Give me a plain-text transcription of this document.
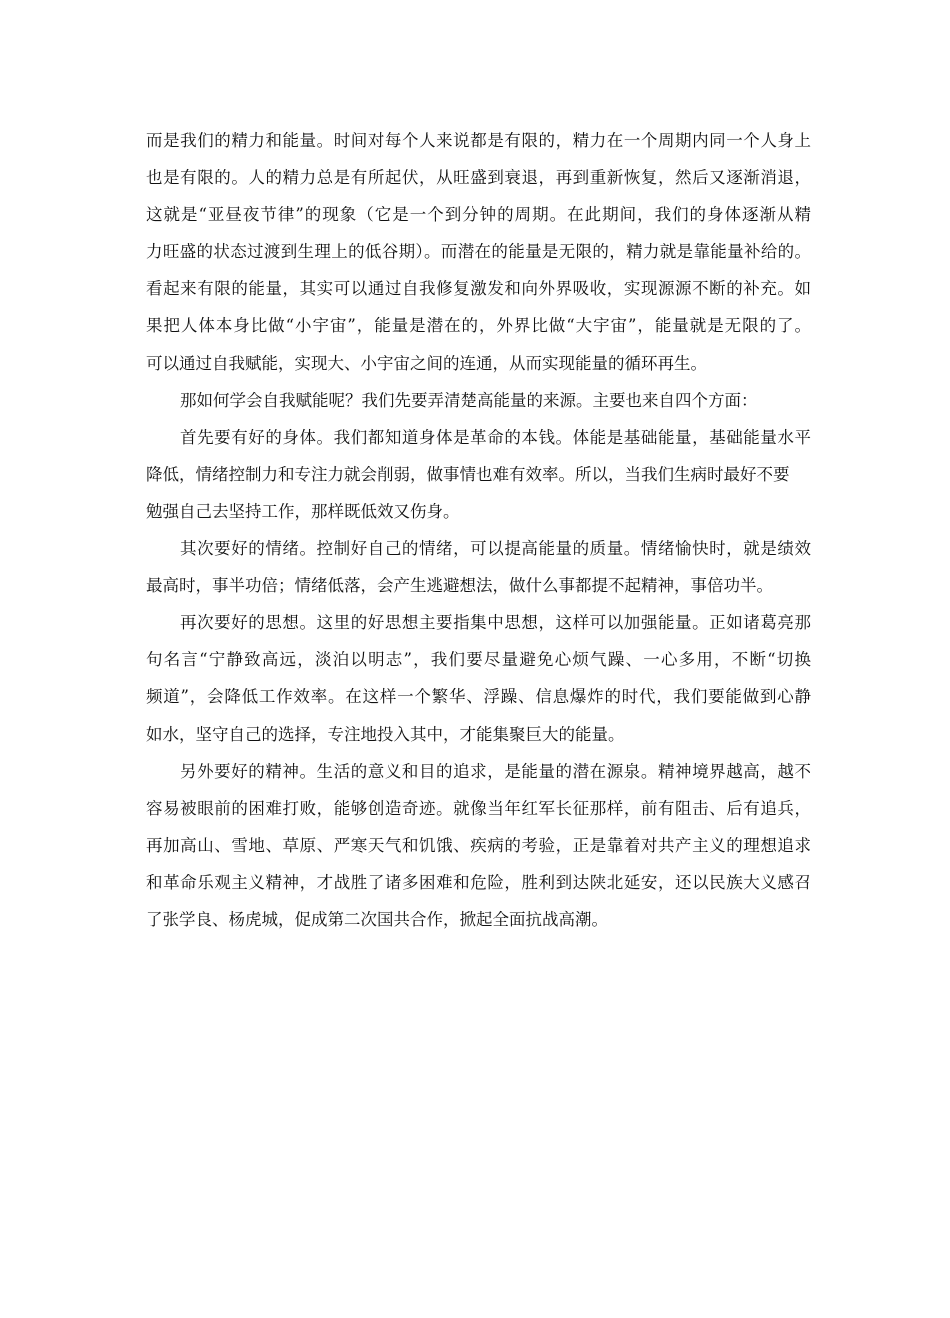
而是我们的精力和能量。时间对每个人来说都是有限的，精力在一个周期内同一个人身上
也是有限的。人的精力总是有所起伏，从旺盛到衰退，再到重新恢复，然后又逐渐消退，
这就是“亚昼夜节律”的现象（它是一个到分钟的周期。在此期间，我们的身体逐渐从精
力旺盛的状态过渡到生理上的低谷期）。而潜在的能量是无限的，精力就是靠能量补给的。
看起来有限的能量，其实可以通过自我修复激发和向外界吸收，实现源源不断的补充。如
果把人体本身比做“小宇宙”，能量是潜在的，外界比做“大宇宙”，能量就是无限的了。
可以通过自我赋能，实现大、小宇宙之间的连通，从而实现能量的循环再生。
那如何学会自我赋能呢？我们先要弄清楚高能量的来源。主要也来自四个方面：
首先要有好的身体。我们都知道身体是革命的本钱。体能是基础能量，基础能量水平
降低，情绪控制力和专注力就会削弱，做事情也难有效率。所以，当我们生病时最好不要
勉强自己去坚持工作，那样既低效又伤身。
其次要好的情绪。控制好自己的情绪，可以提高能量的质量。情绪愉快时，就是绩效
最高时，事半功倍；情绪低落，会产生逃避想法，做什么事都提不起精神，事倍功半。
再次要好的思想。这里的好思想主要指集中思想，这样可以加强能量。正如诸葛亮那
句名言“宁静致高远，淡泊以明志”，我们要尽量避免心烦气躁、一心多用，不断“切换
频道”，会降低工作效率。在这样一个繁华、浮躁、信息爆炸的时代，我们要能做到心静
如水，坚守自己的选择，专注地投入其中，才能集聚巨大的能量。
另外要好的精神。生活的意义和目的追求，是能量的潜在源泉。精神境界越高，越不
容易被眼前的困难打败，能够创造奇迹。就像当年红军长征那样，前有阻击、后有追兵，
再加高山、雪地、草原、严寒天气和饥饿、疾病的考验，正是靠着对共产主义的理想追求
和革命乐观主义精神，才战胜了诸多困难和危险，胜利到达陕北延安，还以民族大义感召
了张学良、杨虎城，促成第二次国共合作，掀起全面抗战高潮。
